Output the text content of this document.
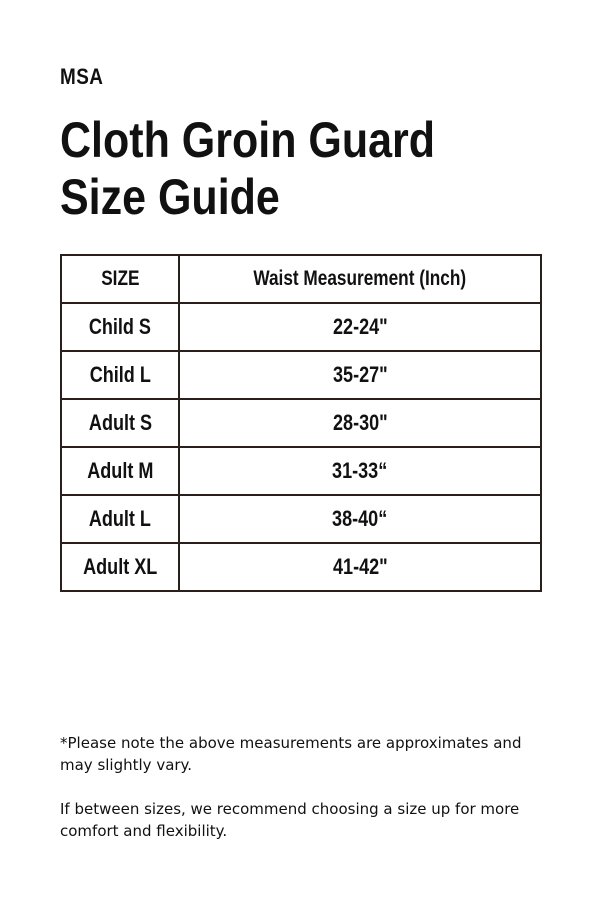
MSA
Cloth Groin Guard
Size Guide
SIZE	Waist Measurement (Inch)
Child S	22-24"
Child L	35-27"
Adult S	28-30"
Adult M	31-33“
Adult L	38-40“
Adult XL	41-42"

*Please note the above measurements are approximates and may slightly vary.

If between sizes, we recommend choosing a size up for more comfort and flexibility.
